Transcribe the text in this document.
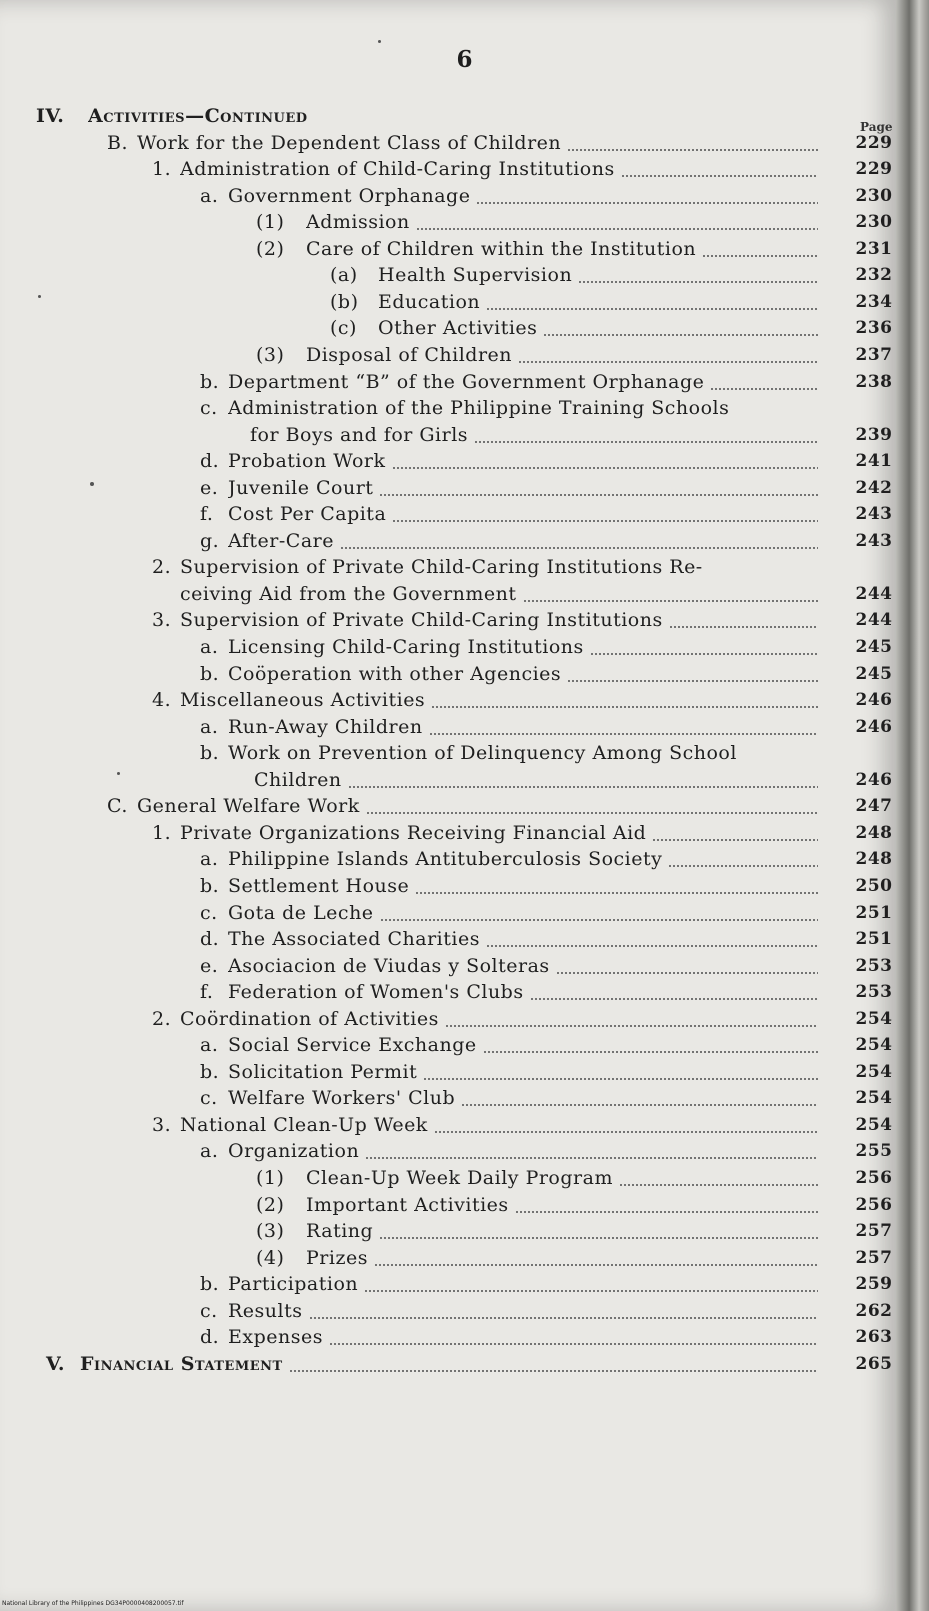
6
Page
IV. Activities—Continued
B. Work for the Dependent Class of Children	229
1. Administration of Child-Caring Institutions	229
a. Government Orphanage	230
(1) Admission	230
(2) Care of Children within the Institution	231
(a) Health Supervision	232
(b) Education	234
(c) Other Activities	236
(3) Disposal of Children	237
b. Department “B” of the Government Orphanage	238
c. Administration of the Philippine Training Schools
for Boys and for Girls	239
d. Probation Work	241
e. Juvenile Court	242
f. Cost Per Capita	243
g. After-Care	243
2. Supervision of Private Child-Caring Institutions Re-
ceiving Aid from the Government	244
3. Supervision of Private Child-Caring Institutions	244
a. Licensing Child-Caring Institutions	245
b. Coöperation with other Agencies	245
4. Miscellaneous Activities	246
a. Run-Away Children	246
b. Work on Prevention of Delinquency Among School
Children	246
C. General Welfare Work	247
1. Private Organizations Receiving Financial Aid	248
a. Philippine Islands Antituberculosis Society	248
b. Settlement House	250
c. Gota de Leche	251
d. The Associated Charities	251
e. Asociacion de Viudas y Solteras	253
f. Federation of Women's Clubs	253
2. Coördination of Activities	254
a. Social Service Exchange	254
b. Solicitation Permit	254
c. Welfare Workers' Club	254
3. National Clean-Up Week	254
a. Organization	255
(1) Clean-Up Week Daily Program	256
(2) Important Activities	256
(3) Rating	257
(4) Prizes	257
b. Participation	259
c. Results	262
d. Expenses	263
V. Financial Statement	265
National Library of the Philippines DG34P0000408200057.tif
